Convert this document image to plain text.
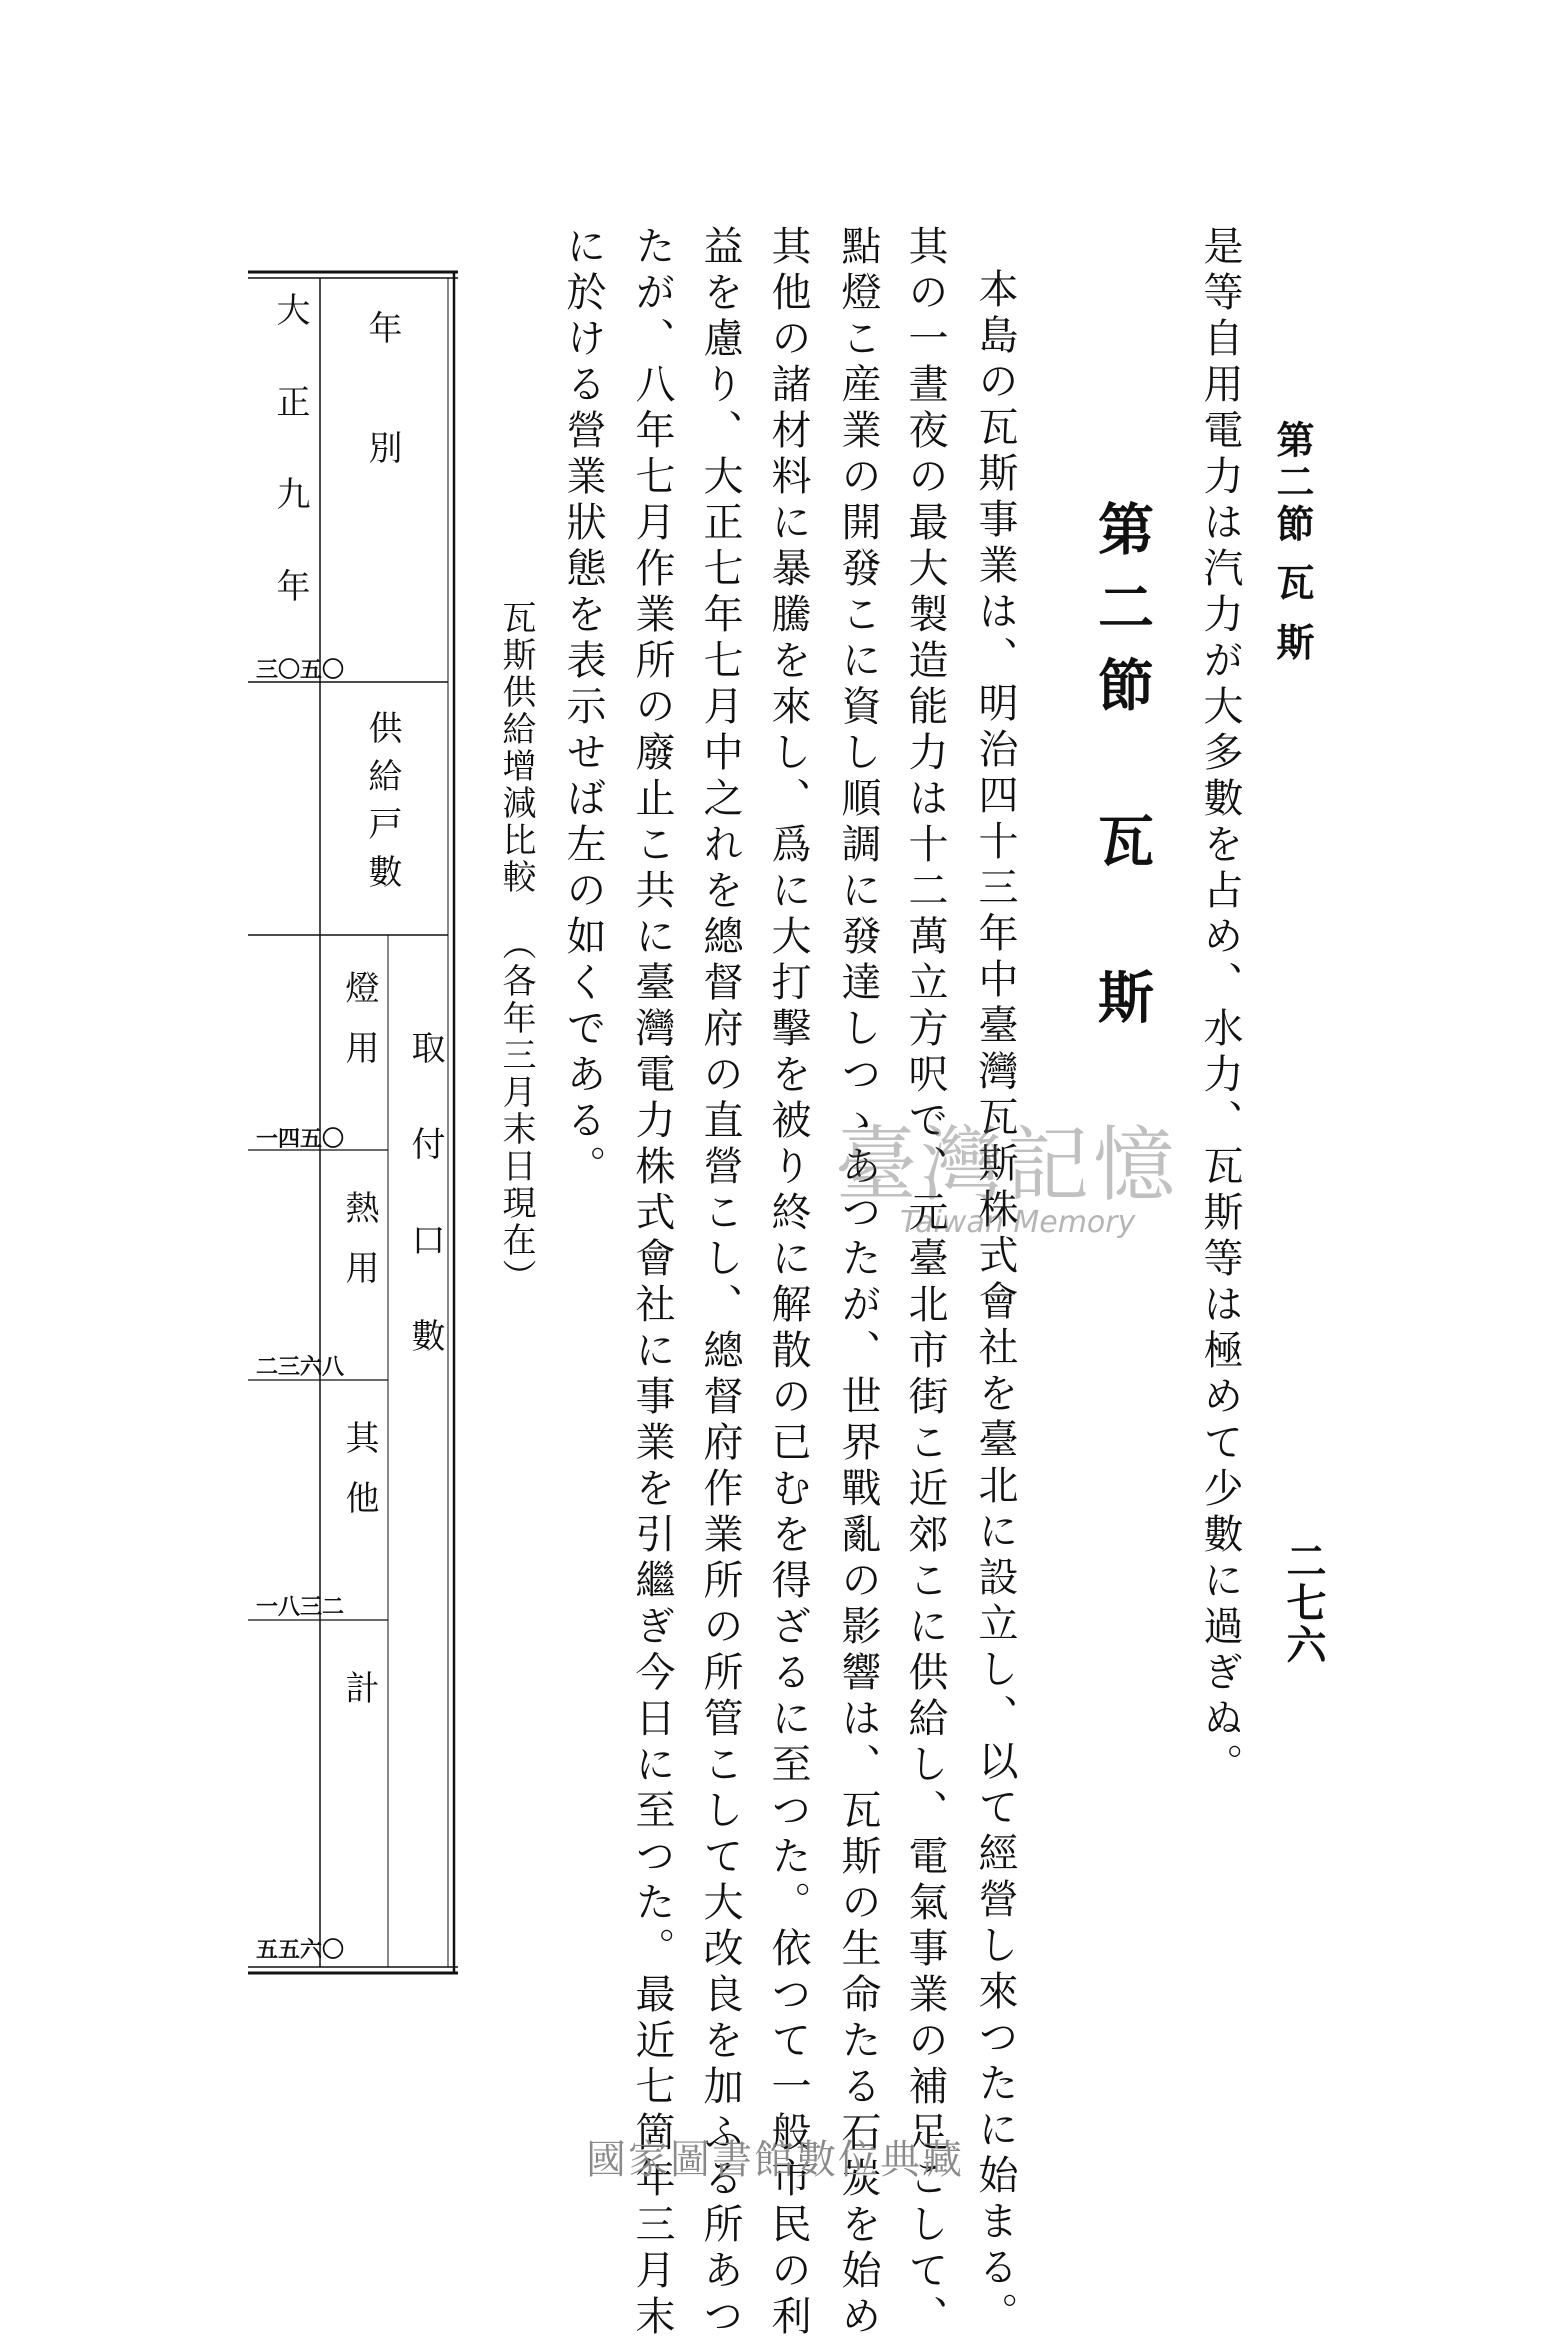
第二節 瓦 斯
二七六
是等自用電力は汽力が大多數を占め、水力、瓦斯等は極めて少數に過ぎぬ。
第二節　瓦　斯
本島の瓦斯事業は、明治四十三年中臺灣瓦斯株式會社を臺北に設立し、以て經營し來つたに始まる。
其の一晝夜の最大製造能力は十二萬立方呎で、元臺北市街こ近郊こに供給し、電氣事業の補足こして、
點燈こ産業の開發こに資し順調に發達しつゝあつたが、世界戰亂の影響は、瓦斯の生命たる石炭を始め
其他の諸材料に暴騰を來し、爲に大打擊を被り終に解散の已むを得ざるに至つた。依つて一般市民の利
益を慮り、大正七年七月中之れを總督府の直營こし、總督府作業所の所管こして大改良を加ふる所あつ
たが、八年七月作業所の廢止こ共に臺灣電力株式會社に事業を引繼ぎ今日に至つた。最近七箇年三月末
に於ける營業狀態を表示せば左の如くである。
瓦斯供給增減比較（各年三月末日現在）
年　別
供給戸數
取付口數
燈用
熱用
其他
計
大正九年
三〇五〇
一四五〇
二三六八
一八三二
五五六〇
臺灣記憶
Taiwan Memory
國家圖書館數位典藏
